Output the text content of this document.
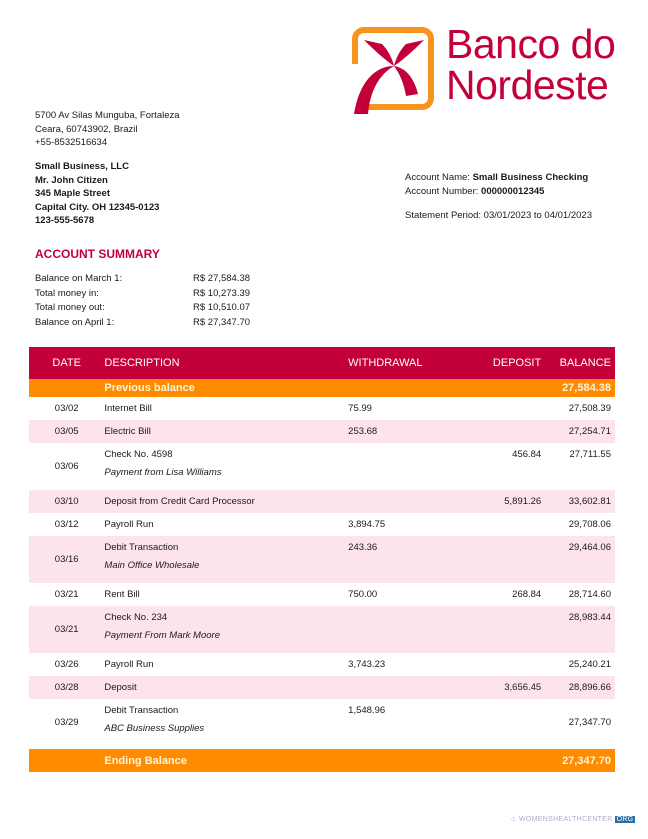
Banco do
Nordeste
5700 Av Silas Munguba, Fortaleza
Ceara, 60743902, Brazil
+55-8532516634
Small Business, LLC
Mr. John Citizen
345 Maple Street
Capital City. OH 12345-0123
123-555-5678
Account Name: Small Business Checking
Account Number: 000000012345
Statement Period: 03/01/2023 to 04/01/2023
ACCOUNT SUMMARY
Balance on March 1:	R$ 27,584.38
Total money in:	R$ 10,273.39
Total money out:	R$ 10,510.07
Balance on April 1:	R$ 27,347.70
DATE	DESCRIPTION	WITHDRAWAL	DEPOSIT	BALANCE
	Previous balance			27,584.38
03/02	Internet Bill	75.99		27,508.39
03/05	Electric Bill	253.68		27,254.71
03/06	Check No. 4598
Payment from Lisa Williams		456.84	27,711.55
03/10	Deposit from Credit Card Processor		5,891.26	33,602.81
03/12	Payroll Run	3,894.75		29,708.06
03/16	Debit Transaction
Main Office Wholesale	243.36		29,464.06
03/21	Rent Bill	750.00	268.84	28,714.60
03/21	Check No. 234
Payment From Mark Moore			28,983.44
03/26	Payroll Run	3,743.23		25,240.21
03/28	Deposit		3,656.45	28,896.66
03/29	Debit Transaction
ABC Business Supplies	1,548.96		27,347.70

	Ending Balance			27,347.70
⁘ WOMENSHEALTHCENTER ORG
